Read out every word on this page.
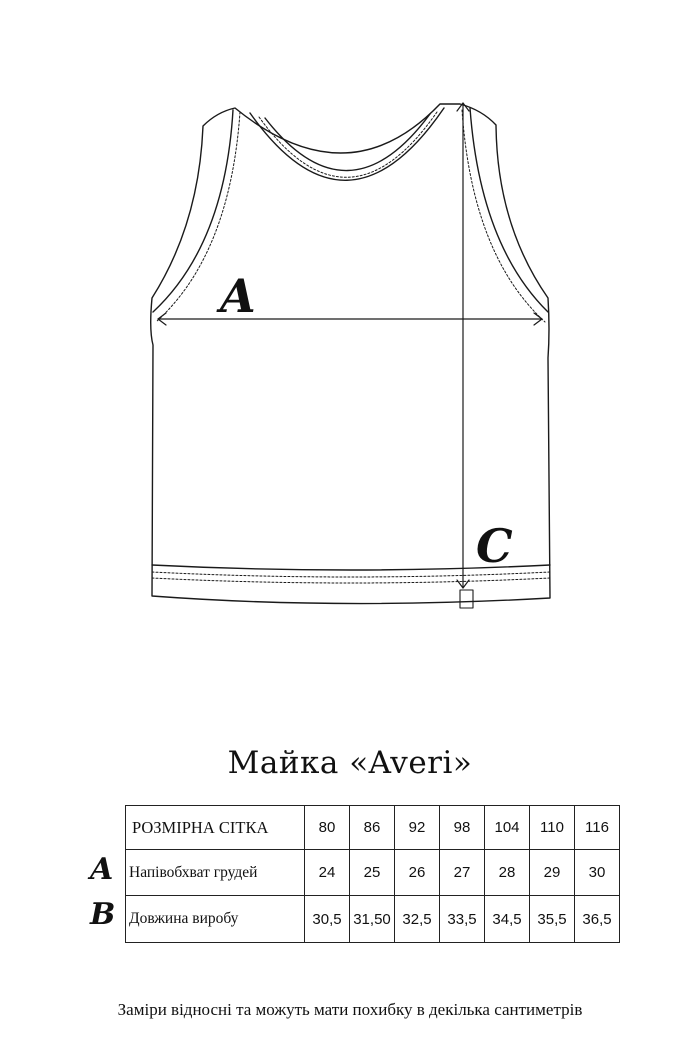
A
C
Майка «Averi»
A
B
РОЗМІРНА СІТКА	80	86	92	98	104	110	116
Напівобхват грудей	24	25	26	27	28	29	30
Довжина виробу	30,5	31,50	32,5	33,5	34,5	35,5	36,5
Заміри відносні та можуть мати похибку в декілька сантиметрів
